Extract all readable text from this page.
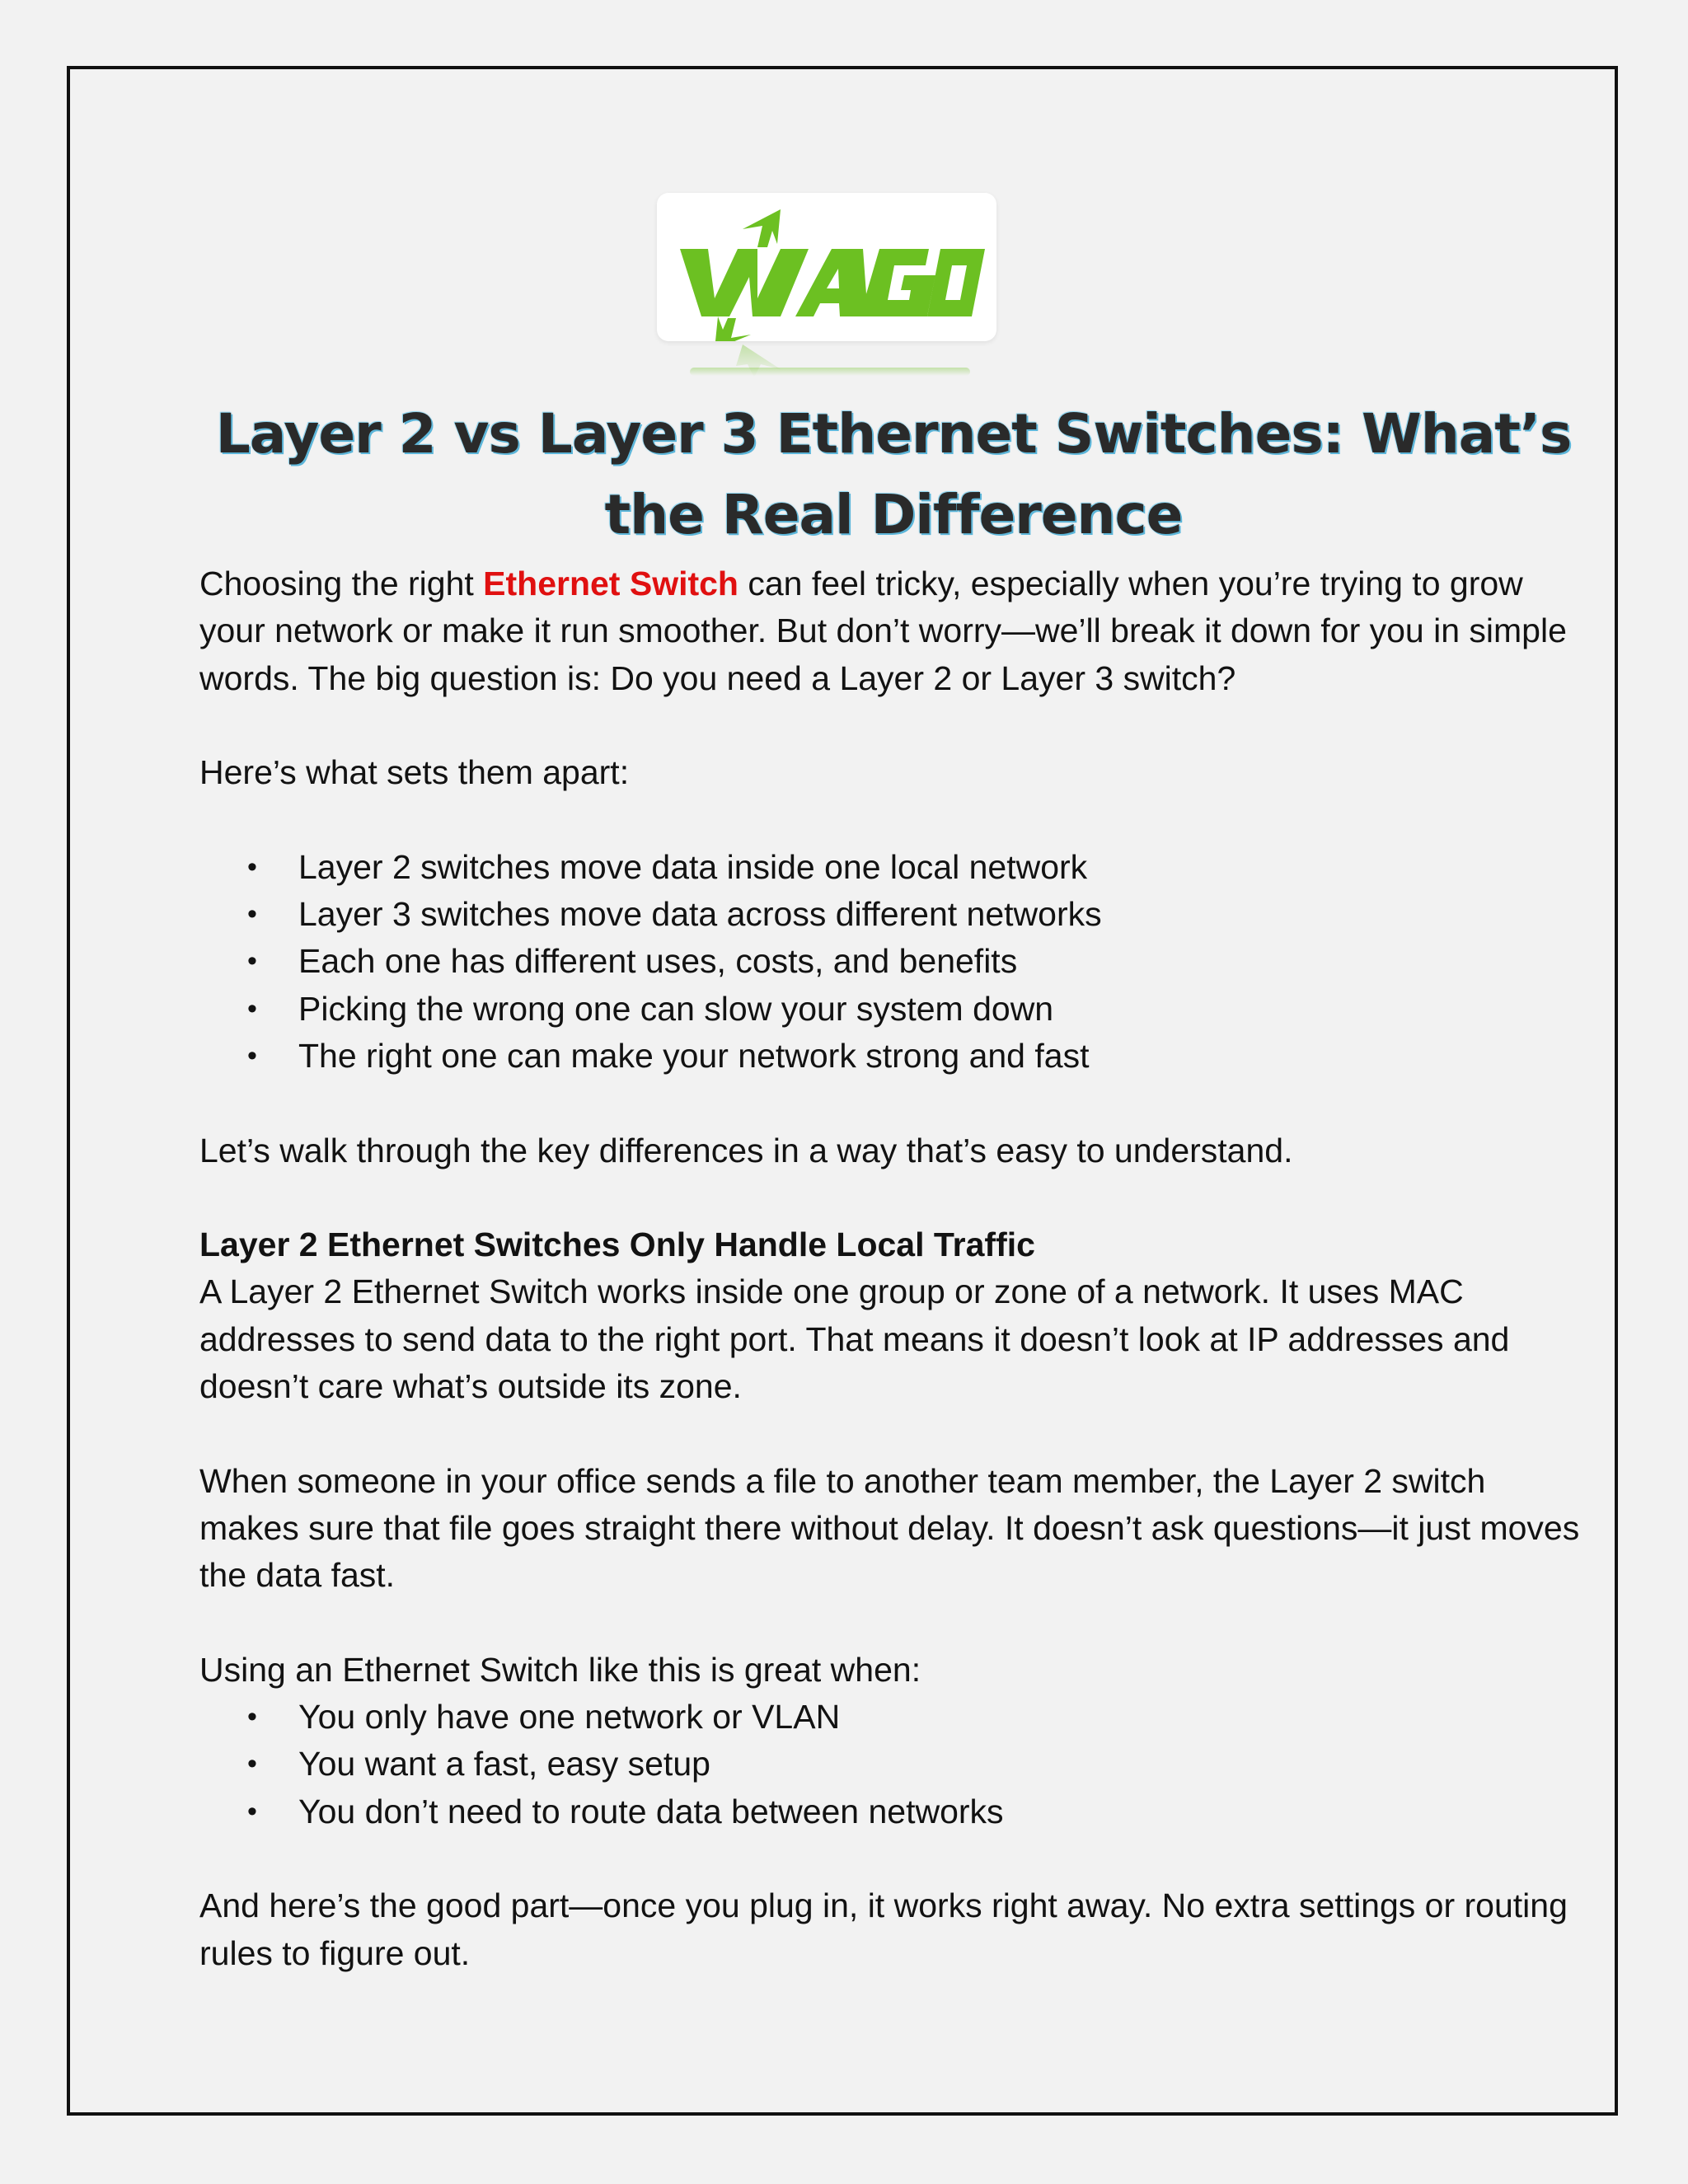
Layer 2 vs Layer 3 Ethernet Switches: What’s the Real Difference

Choosing the right Ethernet Switch can feel tricky, especially when you’re trying to grow your network or make it run smoother. But don’t worry—we’ll break it down for you in simple words. The big question is: Do you need a Layer 2 or Layer 3 switch?

Here’s what sets them apart:

• Layer 2 switches move data inside one local network
• Layer 3 switches move data across different networks
• Each one has different uses, costs, and benefits
• Picking the wrong one can slow your system down
• The right one can make your network strong and fast

Let’s walk through the key differences in a way that’s easy to understand.

Layer 2 Ethernet Switches Only Handle Local Traffic

A Layer 2 Ethernet Switch works inside one group or zone of a network. It uses MAC addresses to send data to the right port. That means it doesn’t look at IP addresses and doesn’t care what’s outside its zone.

When someone in your office sends a file to another team member, the Layer 2 switch makes sure that file goes straight there without delay. It doesn’t ask questions—it just moves the data fast.

Using an Ethernet Switch like this is great when:

• You only have one network or VLAN
• You want a fast, easy setup
• You don’t need to route data between networks

And here’s the good part—once you plug in, it works right away. No extra settings or routing rules to figure out.
